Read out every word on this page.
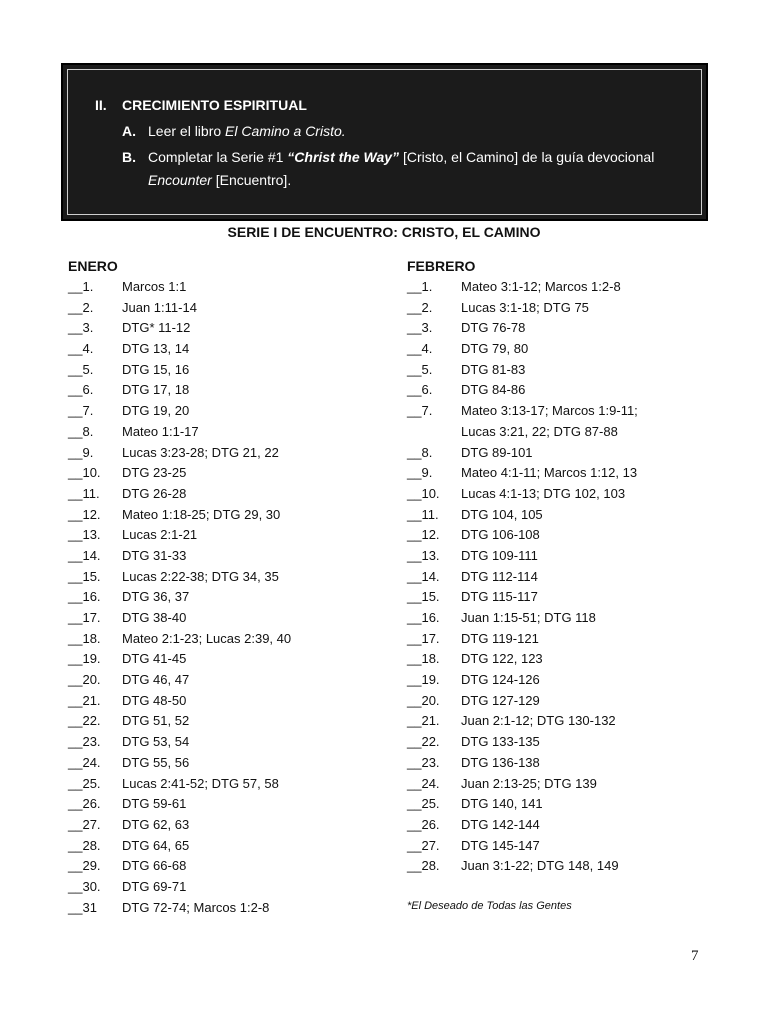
II. CRECIMIENTO ESPIRITUAL
A. Leer el libro El Camino a Cristo.
B. Completar la Serie #1 “Christ the Way” [Cristo, el Camino] de la guía devocional
Encounter [Encuentro].
SERIE I DE ENCUENTRO: CRISTO, EL CAMINO
ENERO
__1. Marcos 1:1
__2. Juan 1:11-14
__3. DTG* 11-12
__4. DTG 13, 14
__5. DTG 15, 16
__6. DTG 17, 18
__7. DTG 19, 20
__8. Mateo 1:1-17
__9. Lucas 3:23-28; DTG 21, 22
__10. DTG 23-25
__11. DTG 26-28
__12. Mateo 1:18-25; DTG 29, 30
__13. Lucas 2:1-21
__14. DTG 31-33
__15. Lucas 2:22-38; DTG 34, 35
__16. DTG 36, 37
__17. DTG 38-40
__18. Mateo 2:1-23; Lucas 2:39, 40
__19. DTG 41-45
__20. DTG 46, 47
__21. DTG 48-50
__22. DTG 51, 52
__23. DTG 53, 54
__24. DTG 55, 56
__25. Lucas 2:41-52; DTG 57, 58
__26. DTG 59-61
__27. DTG 62, 63
__28. DTG 64, 65
__29. DTG 66-68
__30. DTG 69-71
__31 DTG 72-74; Marcos 1:2-8
FEBRERO
__1. Mateo 3:1-12; Marcos 1:2-8
__2. Lucas 3:1-18; DTG 75
__3. DTG 76-78
__4. DTG 79, 80
__5. DTG 81-83
__6. DTG 84-86
__7. Mateo 3:13-17; Marcos 1:9-11;
Lucas 3:21, 22; DTG 87-88
__8. DTG 89-101
__9. Mateo 4:1-11; Marcos 1:12, 13
__10. Lucas 4:1-13; DTG 102, 103
__11. DTG 104, 105
__12. DTG 106-108
__13. DTG 109-111
__14. DTG 112-114
__15. DTG 115-117
__16. Juan 1:15-51; DTG 118
__17. DTG 119-121
__18. DTG 122, 123
__19. DTG 124-126
__20. DTG 127-129
__21. Juan 2:1-12; DTG 130-132
__22. DTG 133-135
__23. DTG 136-138
__24. Juan 2:13-25; DTG 139
__25. DTG 140, 141
__26. DTG 142-144
__27. DTG 145-147
__28. Juan 3:1-22; DTG 148, 149
*El Deseado de Todas las Gentes
7
